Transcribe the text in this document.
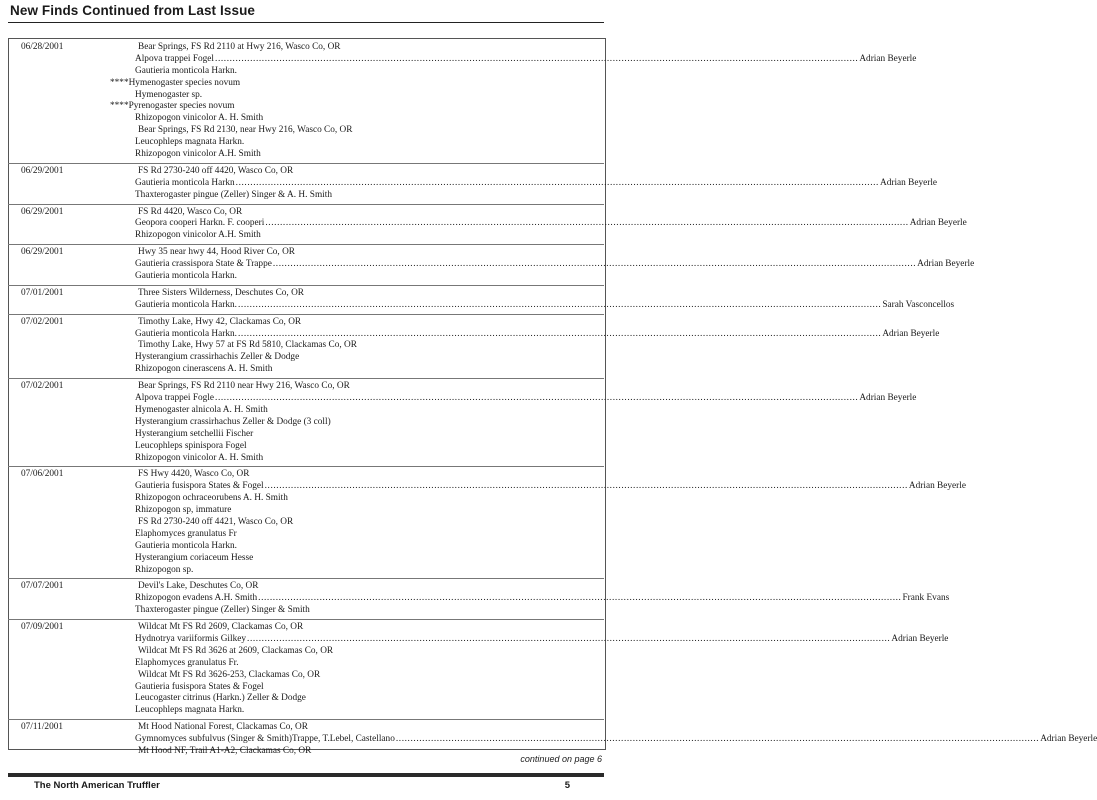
New Finds Continued from Last Issue
06/28/2001	Bear Springs, FS Rd 2110 at Hwy 216, Wasco Co, OR
Alpova trappei Fogel ............................................................................................................................................................................................................................ Adrian Beyerle
Gautieria monticola Harkn.
****Hymenogaster species novum
Hymenogaster sp.
****Pyrenogaster species novum
Rhizopogon vinicolor A. H. Smith
Bear Springs, FS Rd 2130, near Hwy 216, Wasco Co, OR
Leucophleps magnata Harkn.
Rhizopogon vinicolor A.H. Smith
06/29/2001	FS Rd 2730-240 off 4420, Wasco Co, OR
Gautieria monticola Harkn ............................................................................................................................................................................................................................ Adrian Beyerle
Thaxterogaster pingue (Zeller) Singer & A. H. Smith
06/29/2001	FS Rd 4420, Wasco Co, OR
Geopora cooperi Harkn. F. cooperi ............................................................................................................................................................................................................................ Adrian Beyerle
Rhizopogon vinicolor A.H. Smith
06/29/2001	Hwy 35 near hwy 44, Hood River Co, OR
Gautieria crassispora State & Trappe ............................................................................................................................................................................................................................ Adrian Beyerle
Gautieria monticola Harkn.
07/01/2001	Three Sisters Wilderness, Deschutes Co, OR
Gautieria monticola Harkn. ............................................................................................................................................................................................................................ Sarah Vasconcellos
07/02/2001	Timothy Lake, Hwy 42, Clackamas Co, OR
Gautieria monticola Harkn. ............................................................................................................................................................................................................................ Adrian Beyerle
Timothy Lake, Hwy 57 at FS Rd 5810, Clackamas Co, OR
Hysterangium crassirhachis Zeller & Dodge
Rhizopogon cinerascens A. H. Smith
07/02/2001	Bear Springs, FS Rd 2110 near Hwy 216, Wasco Co, OR
Alpova trappei Fogle ............................................................................................................................................................................................................................ Adrian Beyerle
Hymenogaster alnicola A. H. Smith
Hysterangium crassirhachus Zeller & Dodge (3 coll)
Hysterangium setchellii Fischer
Leucophleps spinispora Fogel
Rhizopogon vinicolor A. H. Smith
07/06/2001	FS Hwy 4420, Wasco Co, OR
Gautieria fusispora States & Fogel ............................................................................................................................................................................................................................ Adrian Beyerle
Rhizopogon ochraceorubens A. H. Smith
Rhizopogon sp, immature
FS Rd 2730-240 off 4421, Wasco Co, OR
Elaphomyces granulatus Fr
Gautieria monticola Harkn.
Hysterangium coriaceum Hesse
Rhizopogon sp.
07/07/2001	Devil's Lake, Deschutes Co, OR
Rhizopogon evadens A.H. Smith ............................................................................................................................................................................................................................ Frank Evans
Thaxterogaster pingue (Zeller) Singer & Smith
07/09/2001	Wildcat Mt FS Rd 2609, Clackamas Co, OR
Hydnotrya variiformis Gilkey ............................................................................................................................................................................................................................ Adrian Beyerle
Wildcat Mt FS Rd 3626 at 2609, Clackamas Co, OR
Elaphomyces granulatus Fr.
Wildcat Mt FS Rd 3626-253, Clackamas Co, OR
Gautieria fusispora States & Fogel
Leucogaster citrinus (Harkn.) Zeller & Dodge
Leucophleps magnata Harkn.
07/11/2001	Mt Hood National Forest, Clackamas Co, OR
Gymnomyces subfulvus (Singer & Smith)Trappe, T.Lebel, Castellano ............................................................................................................................................................................................................................ Adrian Beyerle
Mt Hood NF, Trail A1-A2, Clackamas Co, OR
continued on page 6
The North American Truffler	5
